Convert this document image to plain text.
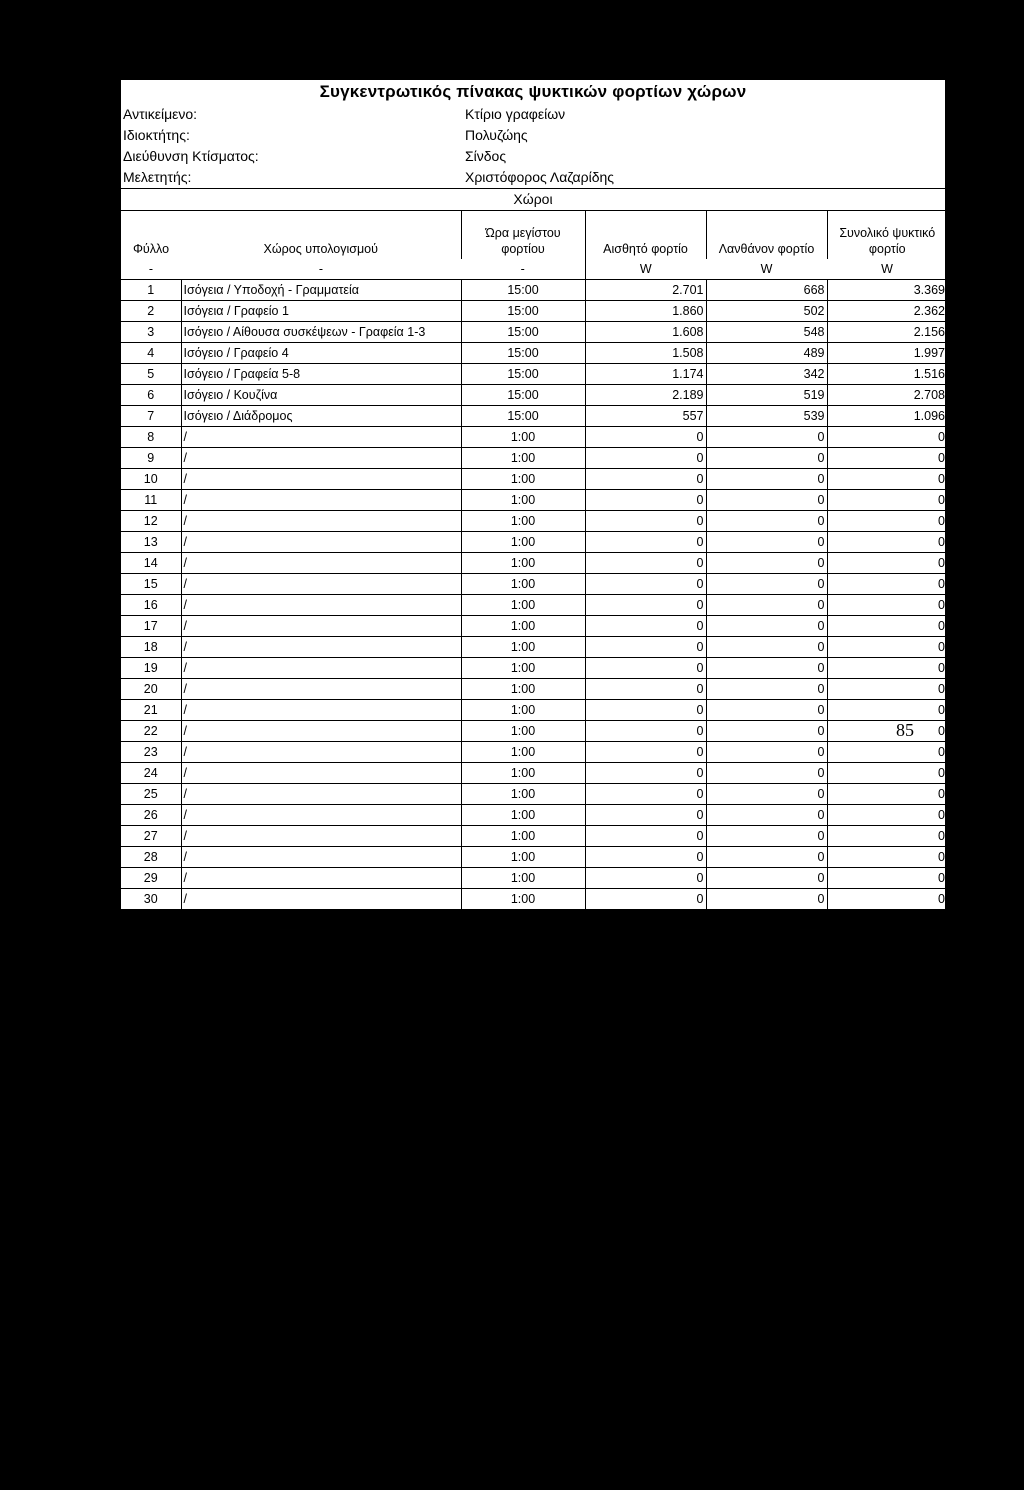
Συγκεντρωτικός πίνακας ψυκτικών φορτίων χώρων
Αντικείμενο:	Κτίριο γραφείων
Ιδιοκτήτης:	Πολυζώης
Διεύθυνση Κτίσματος:	Σίνδος
Μελετητής:	Χριστόφορος Λαζαρίδης
Χώροι
Φύλλο	Χώρος υπολογισμού	Ώρα μεγίστου φορτίου	Αισθητό φορτίο	Λανθάνον φορτίο	Συνολικό ψυκτικό φορτίο
-	-	-	W	W	W
1	Ισόγεια / Υποδοχή - Γραμματεία	15:00	2.701	668	3.369
2	Ισόγεια / Γραφείο 1	15:00	1.860	502	2.362
3	Ισόγειο / Αίθουσα συσκέψεων - Γραφεία 1-3	15:00	1.608	548	2.156
4	Ισόγειο / Γραφείο 4	15:00	1.508	489	1.997
5	Ισόγειο / Γραφεία 5-8	15:00	1.174	342	1.516
6	Ισόγειο / Κουζίνα	15:00	2.189	519	2.708
7	Ισόγειο / Διάδρομος	15:00	557	539	1.096
8	/	1:00	0	0	0
9	/	1:00	0	0	0
10	/	1:00	0	0	0
11	/	1:00	0	0	0
12	/	1:00	0	0	0
13	/	1:00	0	0	0
14	/	1:00	0	0	0
15	/	1:00	0	0	0
16	/	1:00	0	0	0
17	/	1:00	0	0	0
18	/	1:00	0	0	0
19	/	1:00	0	0	0
20	/	1:00	0	0	0
21	/	1:00	0	0	0
22	/	1:00	0	0	0
23	/	1:00	0	0	0
24	/	1:00	0	0	0
25	/	1:00	0	0	0
26	/	1:00	0	0	0
27	/	1:00	0	0	0
28	/	1:00	0	0	0
29	/	1:00	0	0	0
30	/	1:00	0	0	0
85
